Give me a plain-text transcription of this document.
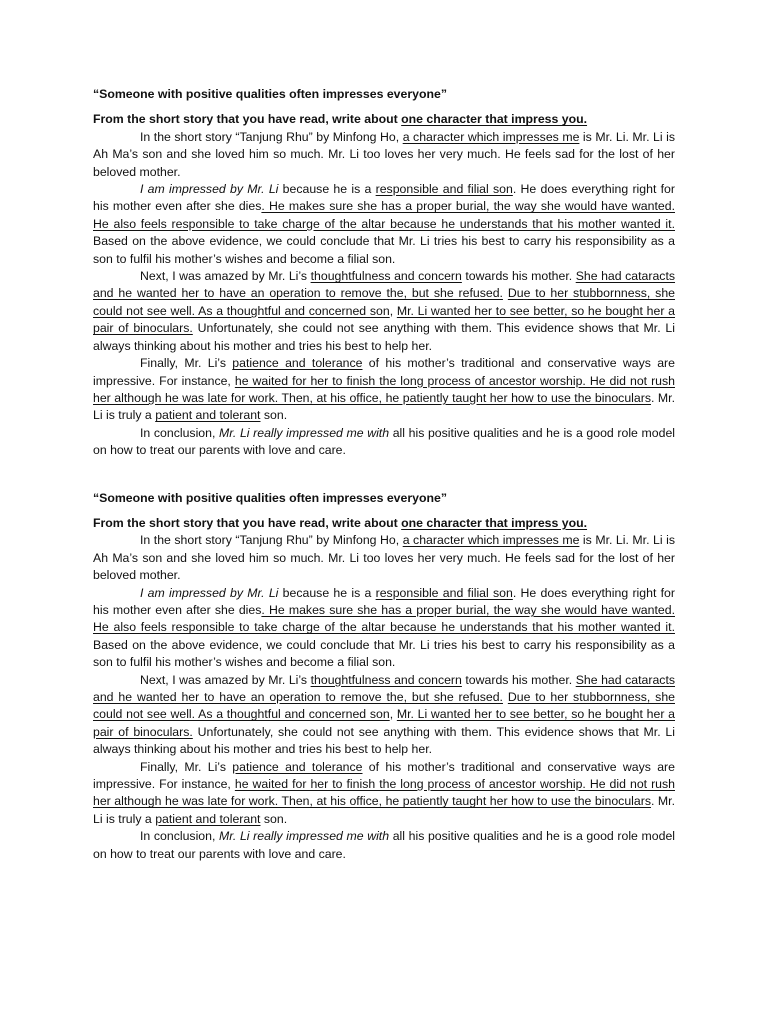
“Someone with positive qualities often impresses everyone”

From the short story that you have read, write about one character that impress you.

In the short story “Tanjung Rhu” by Minfong Ho, a character which impresses me is Mr. Li. Mr. Li is Ah Ma’s son and she loved him so much. Mr. Li too loves her very much. He feels sad for the lost of her beloved mother.

I am impressed by Mr. Li because he is a responsible and filial son. He does everything right for his mother even after she dies. He makes sure she has a proper burial, the way she would have wanted. He also feels responsible to take charge of the altar because he understands that his mother wanted it. Based on the above evidence, we could conclude that Mr. Li tries his best to carry his responsibility as a son to fulfil his mother’s wishes and become a filial son.

Next, I was amazed by Mr. Li’s thoughtfulness and concern towards his mother. She had cataracts and he wanted her to have an operation to remove the, but she refused. Due to her stubbornness, she could not see well. As a thoughtful and concerned son, Mr. Li wanted her to see better, so he bought her a pair of binoculars. Unfortunately, she could not see anything with them. This evidence shows that Mr. Li always thinking about his mother and tries his best to help her.

Finally, Mr. Li’s patience and tolerance of his mother’s traditional and conservative ways are impressive. For instance, he waited for her to finish the long process of ancestor worship. He did not rush her although he was late for work. Then, at his office, he patiently taught her how to use the binoculars. Mr. Li is truly a patient and tolerant son.

In conclusion, Mr. Li really impressed me with all his positive qualities and he is a good role model on how to treat our parents with love and care.

“Someone with positive qualities often impresses everyone”

From the short story that you have read, write about one character that impress you.

In the short story “Tanjung Rhu” by Minfong Ho, a character which impresses me is Mr. Li. Mr. Li is Ah Ma’s son and she loved him so much. Mr. Li too loves her very much. He feels sad for the lost of her beloved mother.

I am impressed by Mr. Li because he is a responsible and filial son. He does everything right for his mother even after she dies. He makes sure she has a proper burial, the way she would have wanted. He also feels responsible to take charge of the altar because he understands that his mother wanted it. Based on the above evidence, we could conclude that Mr. Li tries his best to carry his responsibility as a son to fulfil his mother’s wishes and become a filial son.

Next, I was amazed by Mr. Li’s thoughtfulness and concern towards his mother. She had cataracts and he wanted her to have an operation to remove the, but she refused. Due to her stubbornness, she could not see well. As a thoughtful and concerned son, Mr. Li wanted her to see better, so he bought her a pair of binoculars. Unfortunately, she could not see anything with them. This evidence shows that Mr. Li always thinking about his mother and tries his best to help her.

Finally, Mr. Li’s patience and tolerance of his mother’s traditional and conservative ways are impressive. For instance, he waited for her to finish the long process of ancestor worship. He did not rush her although he was late for work. Then, at his office, he patiently taught her how to use the binoculars. Mr. Li is truly a patient and tolerant son.

In conclusion, Mr. Li really impressed me with all his positive qualities and he is a good role model on how to treat our parents with love and care.
